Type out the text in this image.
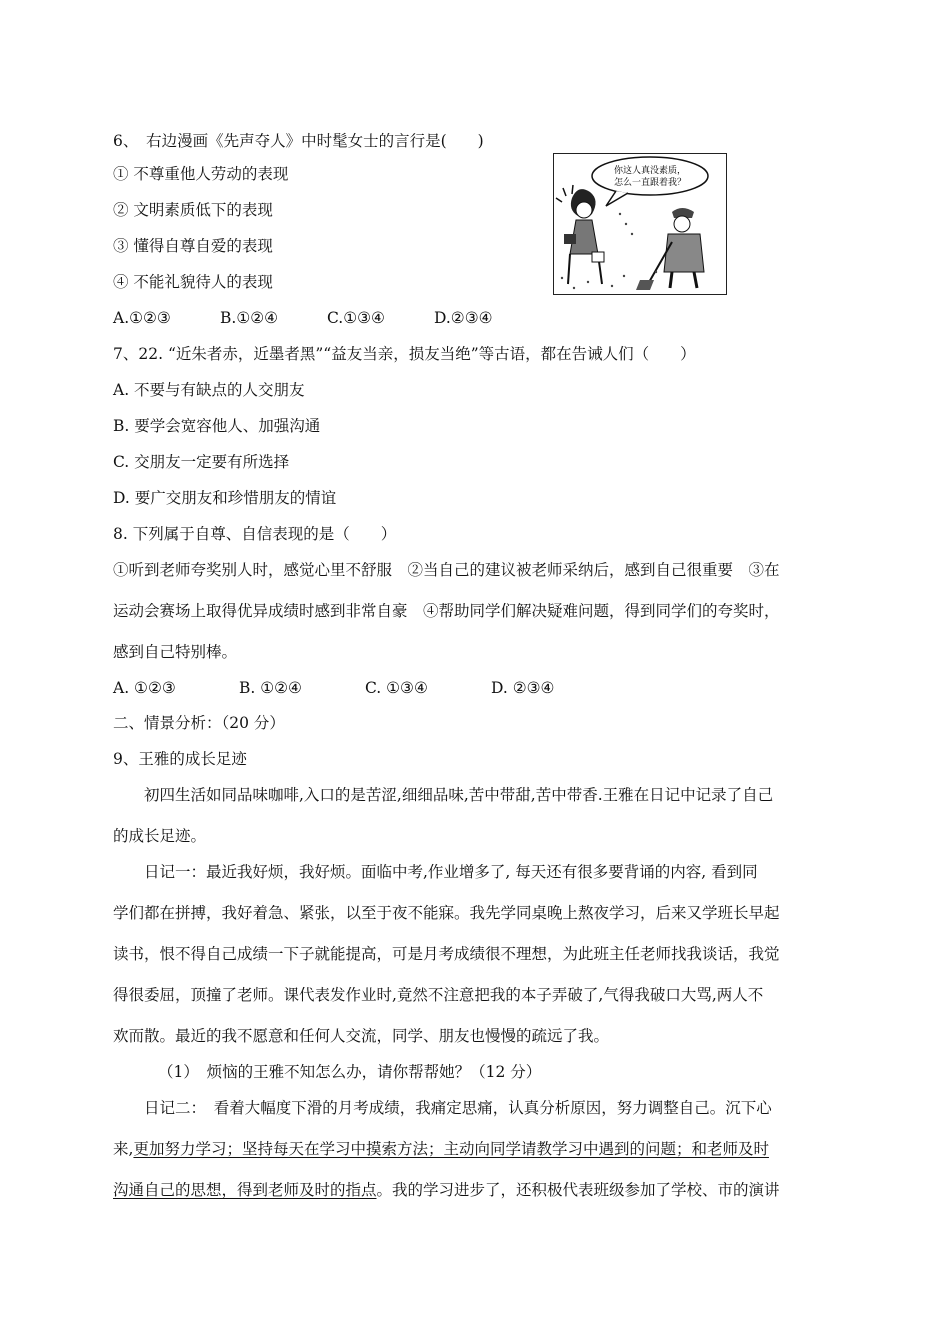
6、　右边漫画《先声夺人》中时髦女士的言行是(　　)
① 不尊重他人劳动的表现
② 文明素质低下的表现
③ 懂得自尊自爱的表现
④ 不能礼貌待人的表现
A.①②③	B.①②④	C.①③④	D.②③④
你这人真没素质，
怎么一直跟着我？
7、22. “近朱者赤，近墨者黑”“益友当亲，损友当绝”等古语，都在告诫人们（　　）
A. 不要与有缺点的人交朋友
B. 要学会宽容他人、加强沟通
C. 交朋友一定要有所选择
D. 要广交朋友和珍惜朋友的情谊
8. 下列属于自尊、自信表现的是（　　）
①听到老师夸奖别人时，感觉心里不舒服　②当自己的建议被老师采纳后，感到自己很重要　③在
运动会赛场上取得优异成绩时感到非常自豪　④帮助同学们解决疑难问题，得到同学们的夸奖时，
感到自己特别棒。
A. ①②③	B. ①②④	C. ①③④	D. ②③④
二、情景分析：（20 分）
9、王雅的成长足迹
初四生活如同品味咖啡,入口的是苦涩,细细品味,苦中带甜,苦中带香.王雅在日记中记录了自己
的成长足迹。
日记一：最近我好烦，我好烦。面临中考,作业增多了, 每天还有很多要背诵的内容, 看到同
学们都在拼搏，我好着急、紧张，以至于夜不能寐。我先学同桌晚上熬夜学习，后来又学班长早起
读书，恨不得自己成绩一下子就能提高，可是月考成绩很不理想，为此班主任老师找我谈话，我觉
得很委屈，顶撞了老师。课代表发作业时,竟然不注意把我的本子弄破了,气得我破口大骂,两人不
欢而散。最近的我不愿意和任何人交流，同学、朋友也慢慢的疏远了我。
（1）　烦恼的王雅不知怎么办，请你帮帮她？（12 分）
日记二：　看着大幅度下滑的月考成绩，我痛定思痛，认真分析原因，努力调整自己。沉下心
来,更加努力学习；坚持每天在学习中摸索方法；主动向同学请教学习中遇到的问题；和老师及时
沟通自己的思想，得到老师及时的指点。我的学习进步了，还积极代表班级参加了学校、市的演讲
